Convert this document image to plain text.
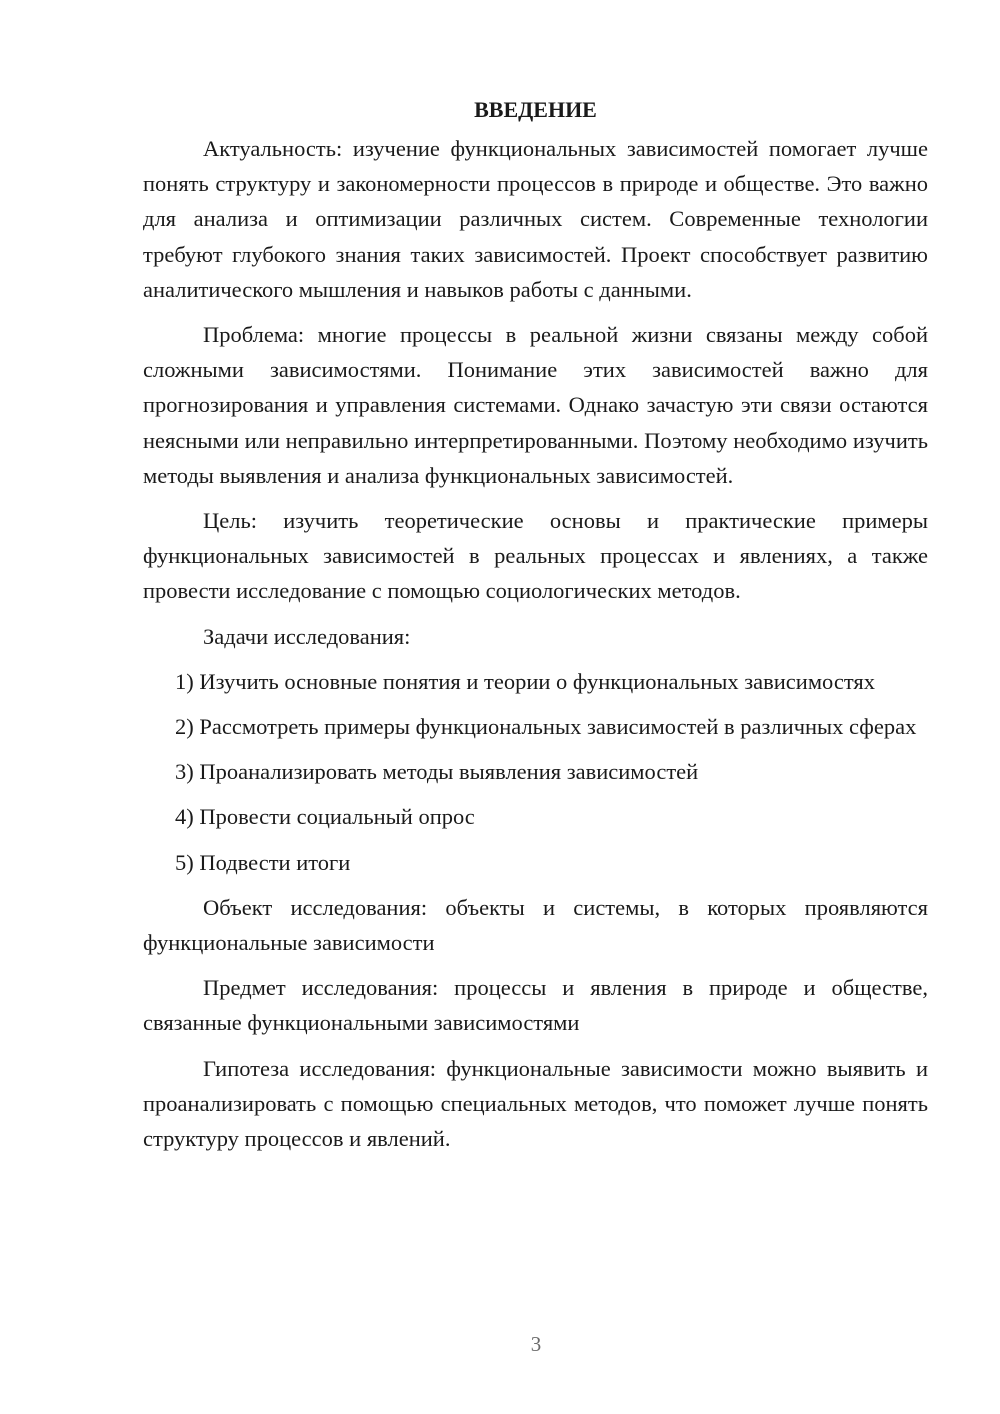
ВВЕДЕНИЕ

Актуальность: изучение функциональных зависимостей помогает лучше понять структуру и закономерности процессов в природе и обществе. Это важно для анализа и оптимизации различных систем. Современные технологии требуют глубокого знания таких зависимостей. Проект способствует развитию аналитического мышления и навыков работы с данными.

Проблема: многие процессы в реальной жизни связаны между собой сложными зависимостями. Понимание этих зависимостей важно для прогнозирования и управления системами. Однако зачастую эти связи остаются неясными или неправильно интерпретированными. Поэтому необходимо изучить методы выявления и анализа функциональных зависимостей.

Цель: изучить теоретические основы и практические примеры функциональных зависимостей в реальных процессах и явлениях, а также провести исследование с помощью социологических методов.

Задачи исследования:

1) Изучить основные понятия и теории о функциональных зависимостях

2) Рассмотреть примеры функциональных зависимостей в различных сферах

3) Проанализировать методы выявления зависимостей

4) Провести социальный опрос

5) Подвести итоги

Объект исследования: объекты и системы, в которых проявляются функциональные зависимости

Предмет исследования: процессы и явления в природе и обществе, связанные функциональными зависимостями

Гипотеза исследования: функциональные зависимости можно выявить и проанализировать с помощью специальных методов, что поможет лучше понять структуру процессов и явлений.

3
